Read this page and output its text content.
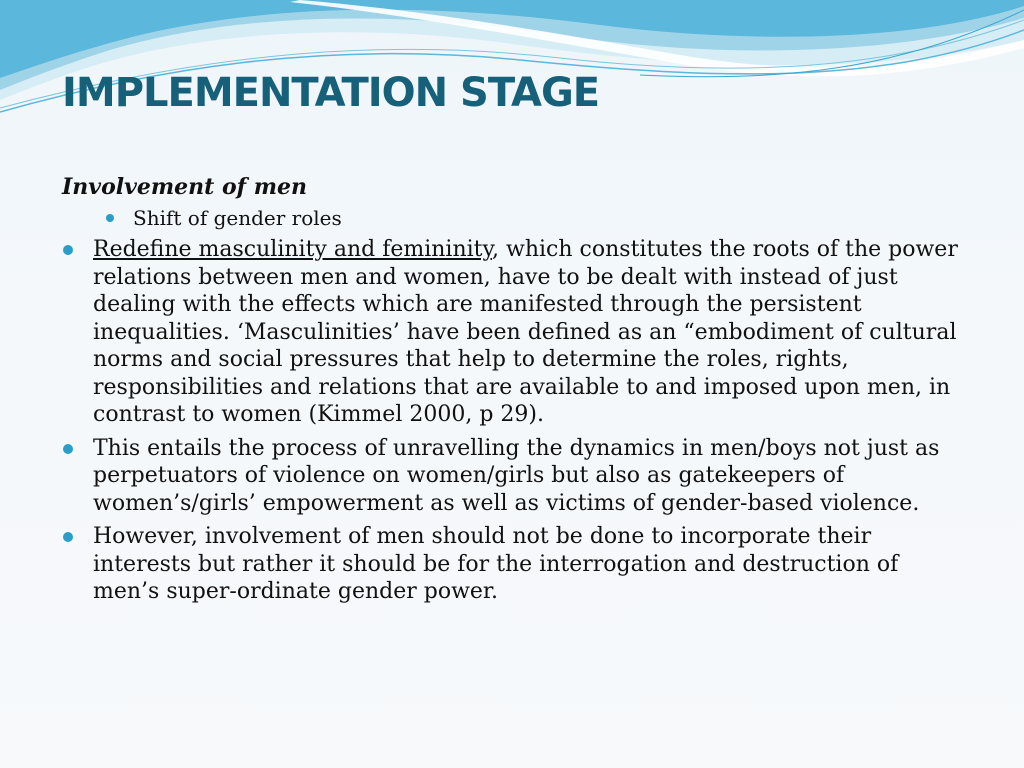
IMPLEMENTATION STAGE
Involvement of men
Shift of gender roles
Redefine masculinity and femininity, which constitutes the roots of the power relations between men and women, have to be dealt with instead of just dealing with the effects which are manifested through the persistent inequalities. ‘Masculinities’ have been defined as an “embodiment of cultural norms and social pressures that help to determine the roles, rights, responsibilities and relations that are available to and imposed upon men, in contrast to women (Kimmel 2000, p 29).
This entails the process of unravelling the dynamics in men/boys not just as perpetuators of violence on women/girls but also as gatekeepers of women’s/girls’ empowerment as well as victims of gender-based violence.
However, involvement of men should not be done to incorporate their interests but rather it should be for the interrogation and destruction of men’s super-ordinate gender power.
